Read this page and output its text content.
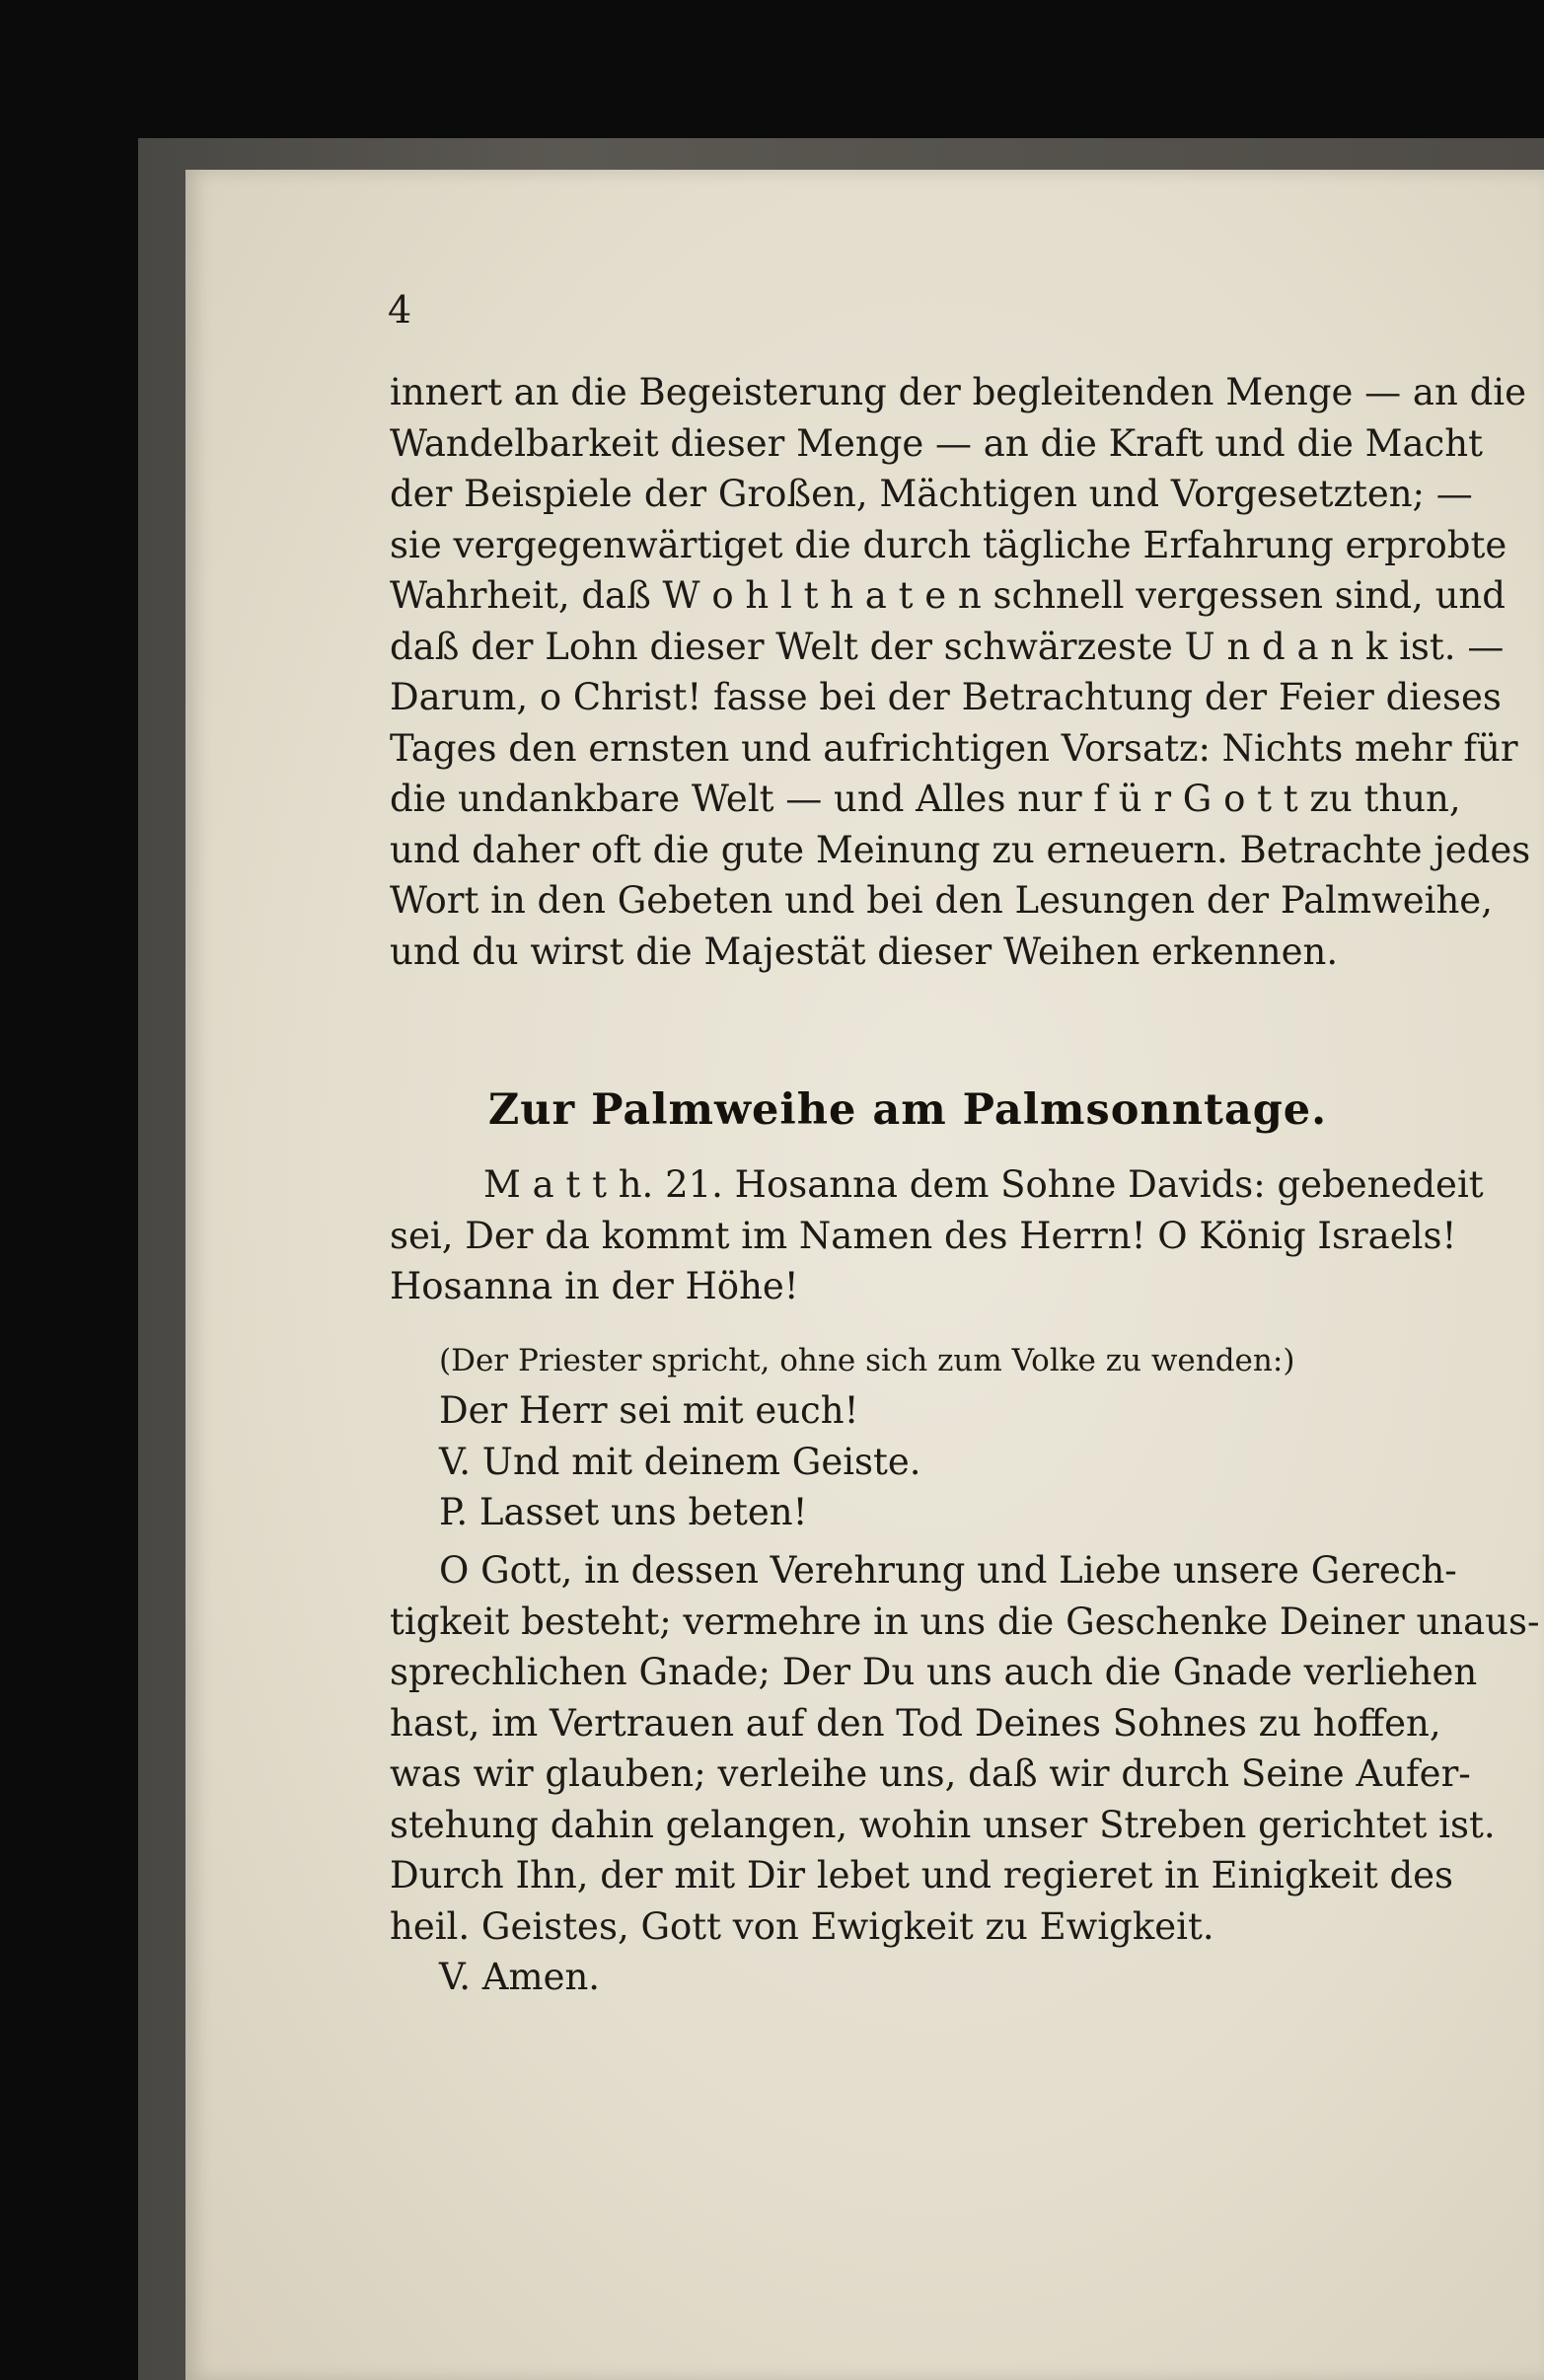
4
innert an die Begeisterung der begleitenden Menge — an die
Wandelbarkeit dieser Menge — an die Kraft und die Macht
der Beispiele der Großen, Mächtigen und Vorgesetzten; —
sie vergegenwärtiget die durch tägliche Erfahrung erprobte
Wahrheit, daß W o h l t h a t e n schnell vergessen sind, und
daß der Lohn dieser Welt der schwärzeste U n d a n k ist. —
Darum, o Christ! fasse bei der Betrachtung der Feier dieses
Tages den ernsten und aufrichtigen Vorsatz: Nichts mehr für
die undankbare Welt — und Alles nur f ü r G o t t zu thun,
und daher oft die gute Meinung zu erneuern. Betrachte jedes
Wort in den Gebeten und bei den Lesungen der Palmweihe,
und du wirst die Majestät dieser Weihen erkennen.
Zur Palmweihe am Palmsonntage.
M a t t h. 21. Hosanna dem Sohne Davids: gebenedeit
sei, Der da kommt im Namen des Herrn! O König Israels!
Hosanna in der Höhe!
(Der Priester spricht, ohne sich zum Volke zu wenden:)
Der Herr sei mit euch!
V. Und mit deinem Geiste.
P. Lasset uns beten!
O Gott, in dessen Verehrung und Liebe unsere Gerech-
tigkeit besteht; vermehre in uns die Geschenke Deiner unaus-
sprechlichen Gnade; Der Du uns auch die Gnade verliehen
hast, im Vertrauen auf den Tod Deines Sohnes zu hoffen,
was wir glauben; verleihe uns, daß wir durch Seine Aufer-
stehung dahin gelangen, wohin unser Streben gerichtet ist.
Durch Ihn, der mit Dir lebet und regieret in Einigkeit des
heil. Geistes, Gott von Ewigkeit zu Ewigkeit.
V. Amen.
